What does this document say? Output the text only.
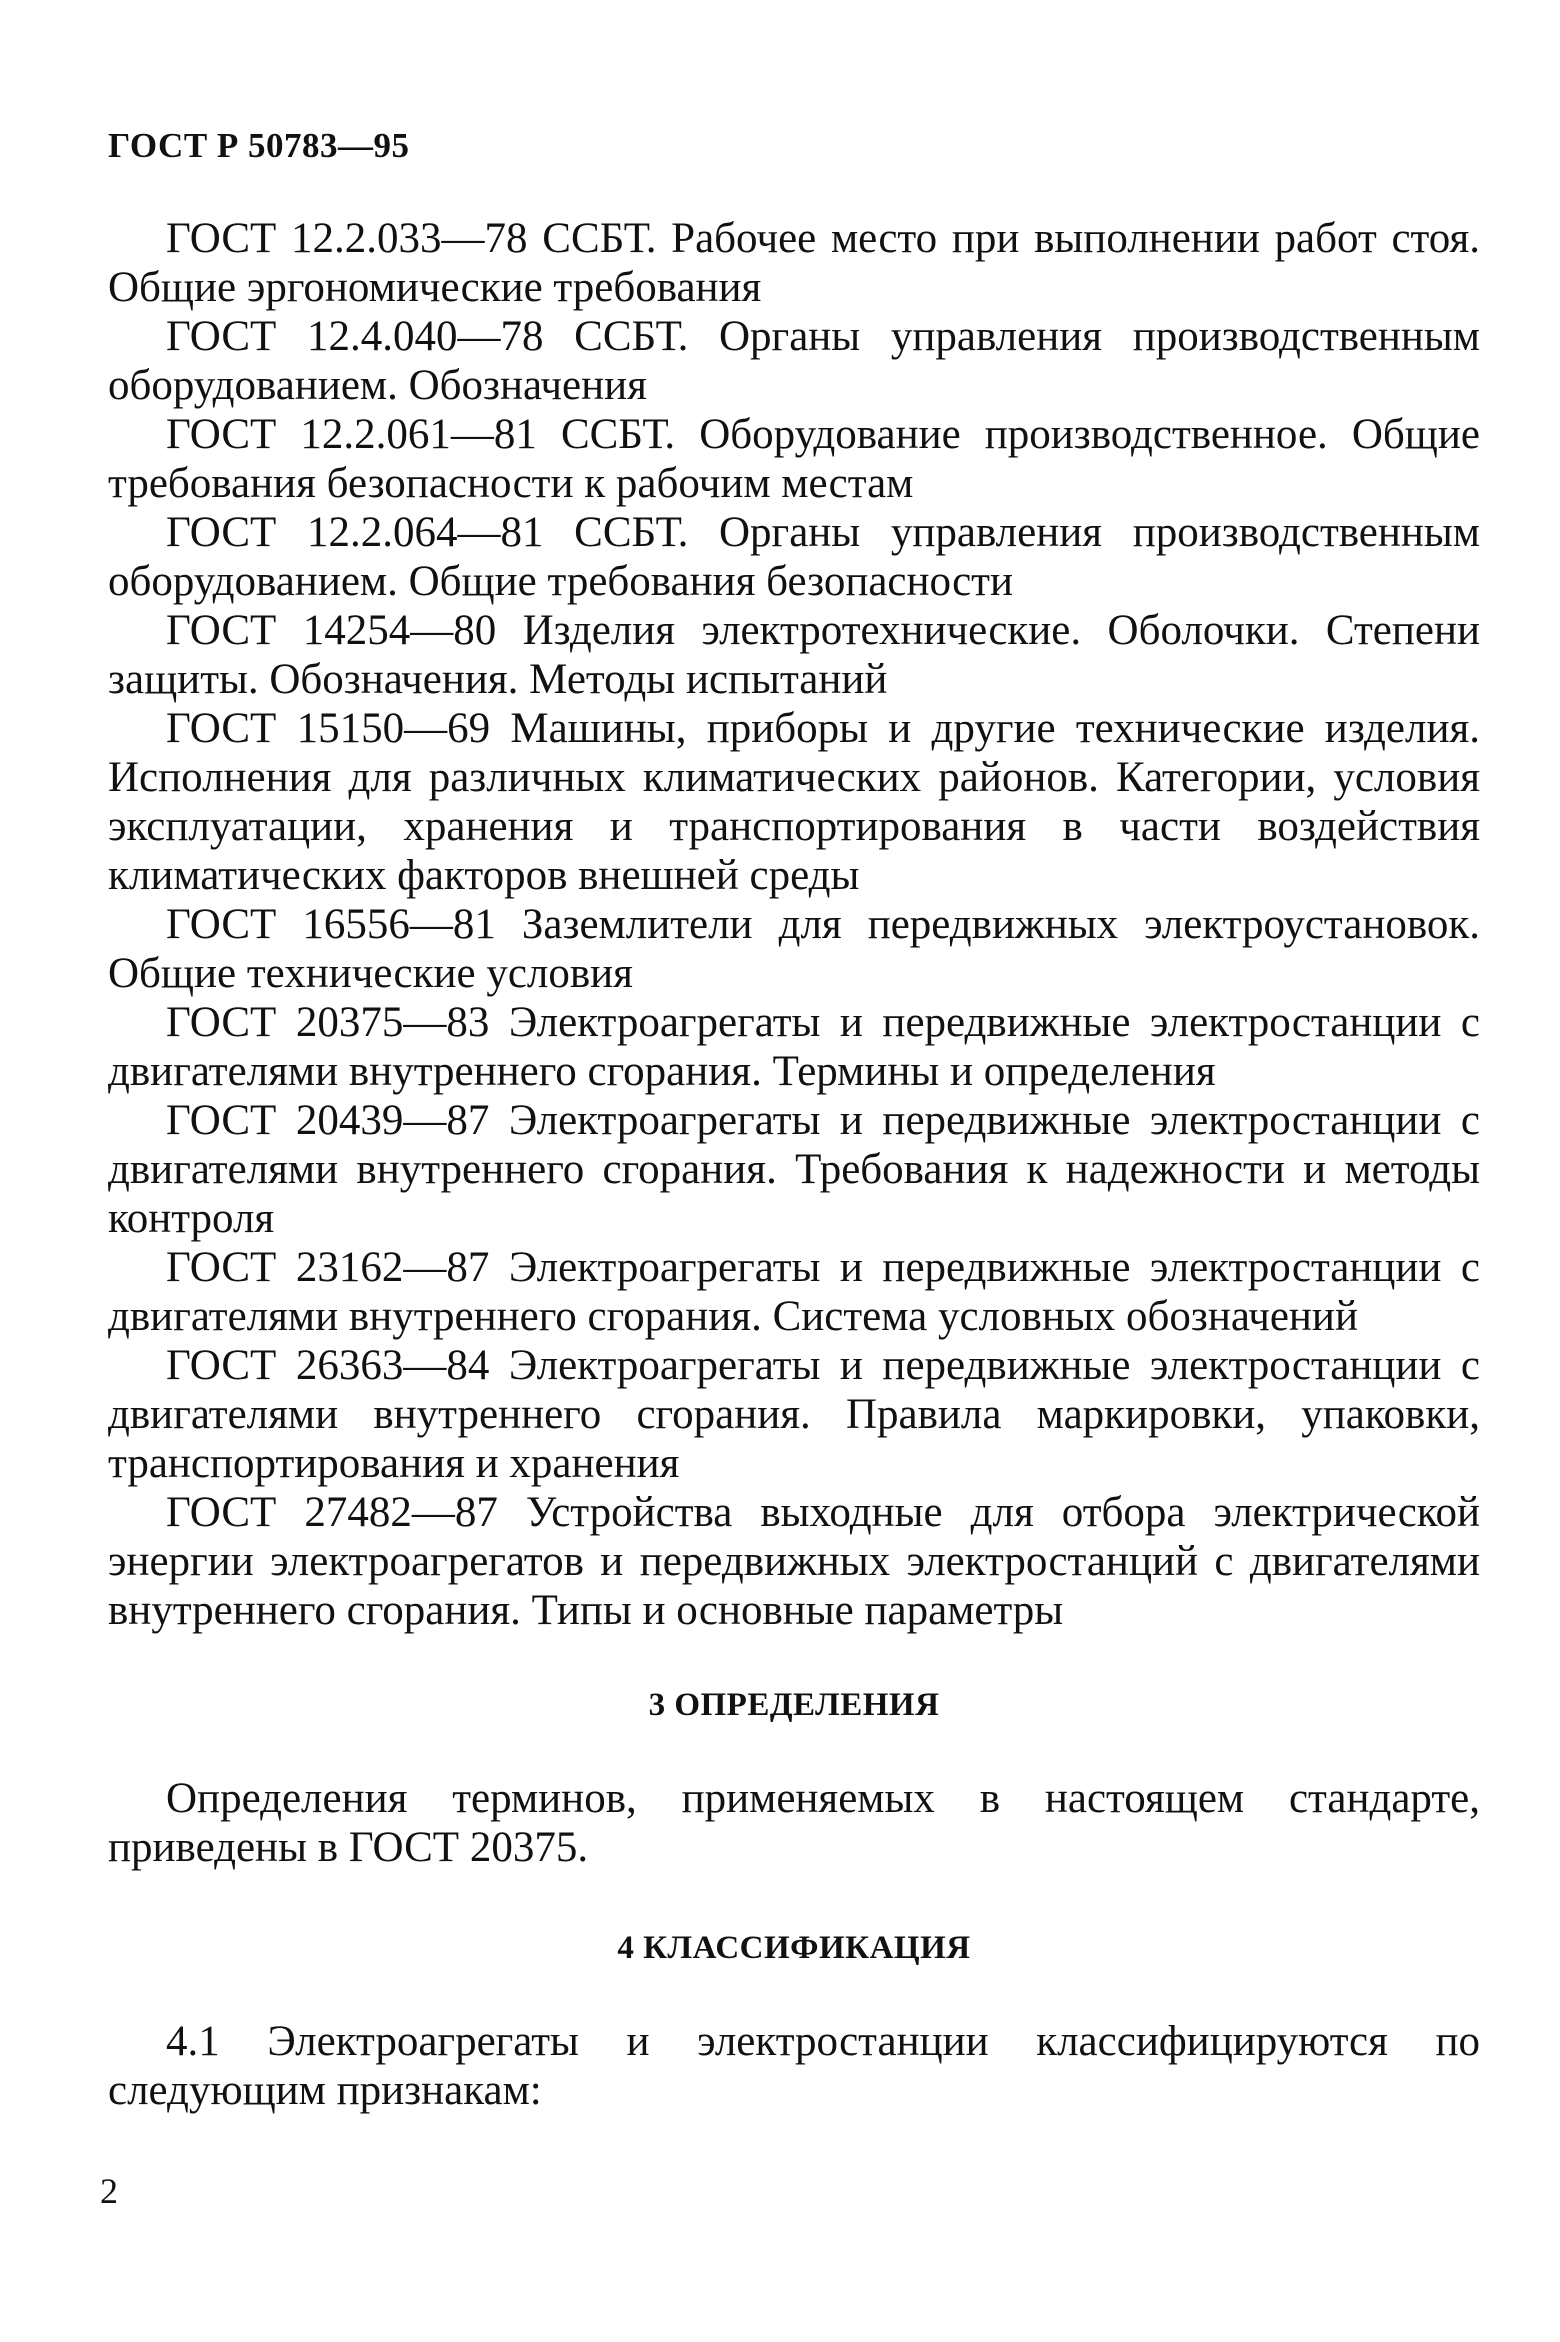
ГОСТ Р 50783—95

ГОСТ 12.2.033—78 ССБТ. Рабочее место при выполнении работ стоя. Общие эргономические требования

ГОСТ 12.4.040—78 ССБТ. Органы управления производственным оборудованием. Обозначения

ГОСТ 12.2.061—81 ССБТ. Оборудование производственное. Общие требования безопасности к рабочим местам

ГОСТ 12.2.064—81 ССБТ. Органы управления производственным оборудованием. Общие требования безопасности

ГОСТ 14254—80 Изделия электротехнические. Оболочки. Степени защиты. Обозначения. Методы испытаний

ГОСТ 15150—69 Машины, приборы и другие технические изделия. Исполнения для различных климатических районов. Категории, условия эксплуатации, хранения и транспортирования в части воздействия климатических факторов внешней среды

ГОСТ 16556—81 Заземлители для передвижных электроустановок. Общие технические условия

ГОСТ 20375—83 Электроагрегаты и передвижные электростанции с двигателями внутреннего сгорания. Термины и определения

ГОСТ 20439—87 Электроагрегаты и передвижные электростанции с двигателями внутреннего сгорания. Требования к надежности и методы контроля

ГОСТ 23162—87 Электроагрегаты и передвижные электростанции с двигателями внутреннего сгорания. Система условных обозначений

ГОСТ 26363—84 Электроагрегаты и передвижные электростанции с двигателями внутреннего сгорания. Правила маркировки, упаковки, транспортирования и хранения

ГОСТ 27482—87 Устройства выходные для отбора электрической энергии электроагрегатов и передвижных электростанций с двигателями внутреннего сгорания. Типы и основные параметры

3 ОПРЕДЕЛЕНИЯ

Определения терминов, применяемых в настоящем стандарте, приведены в ГОСТ 20375.

4 КЛАССИФИКАЦИЯ

4.1 Электроагрегаты и электростанции классифицируются по следующим признакам:

2
